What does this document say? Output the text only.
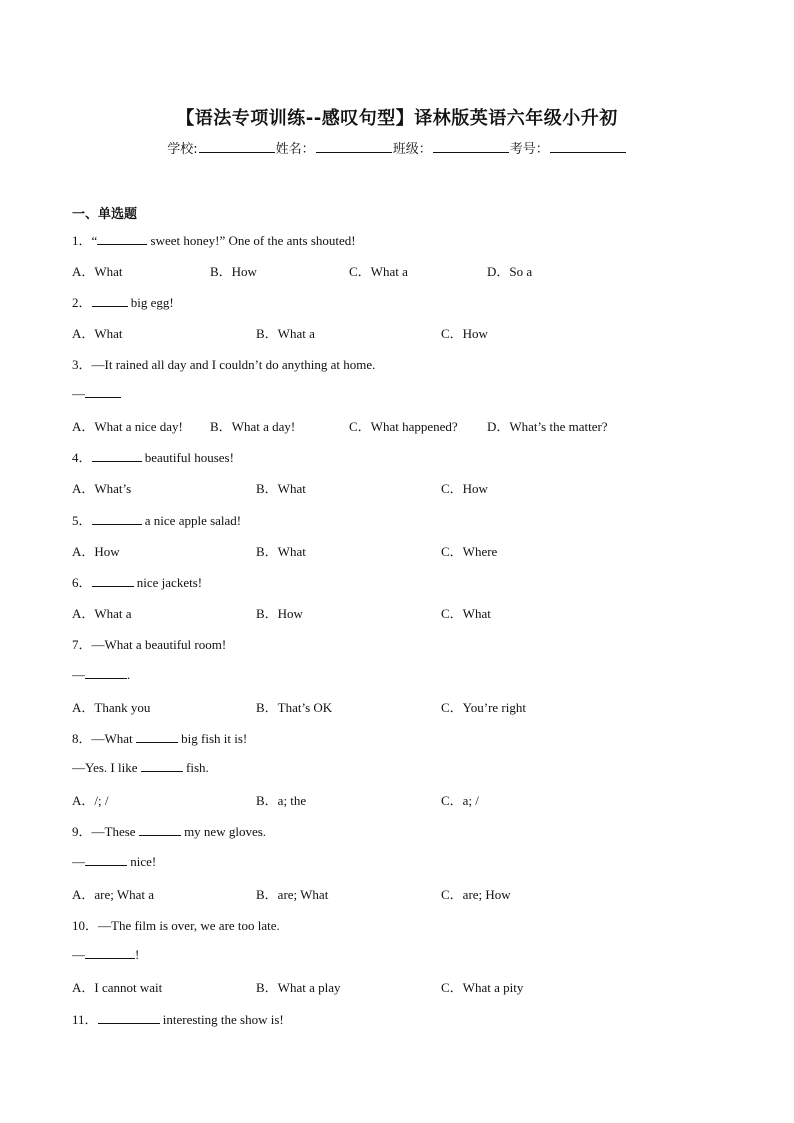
【语法专项训练--感叹句型】译林版英语六年级小升初
学校:	姓名：	班级：	考号：
一、单选题
1．“	sweet honey!” One of the ants shouted!
A．What	B．How	C．What a	D．So a
2．	big egg!
A．What	B．What a	C．How
3．—It rained all day and I couldn’t do anything at home.
—
A．What a nice day! B．What a day!	C．What happened? D．What’s the matter?
4．	beautiful houses!
A．What’s	B．What	C．How
5．	a nice apple salad!
A．How	B．What	C．Where
6．	nice jackets!
A．What a	B．How	C．What
7．—What a beautiful room!
—	.
A．Thank you	B．That’s OK	C．You’re right
8．—What	big fish it is!
—Yes. I like	fish.
A．/; /	B．a; the	C．a; /
9．—These	my new gloves.
—	nice!
A．are; What a	B．are; What	C．are; How
10．—The film is over, we are too late.
—	!
A．I cannot wait	B．What a play	C．What a pity
11．	interesting the show is!
